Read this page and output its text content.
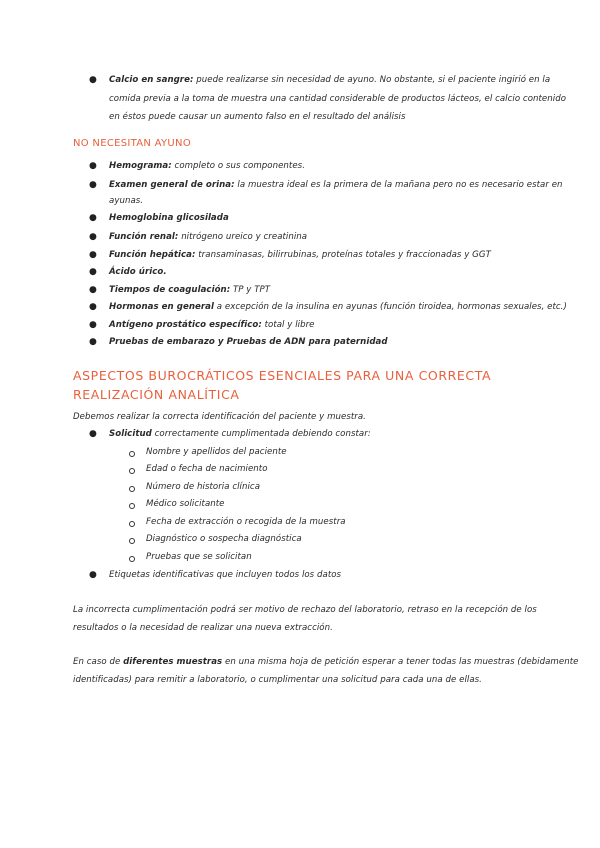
● Calcio en sangre: puede realizarse sin necesidad de ayuno. No obstante, si el paciente ingirió en la
comida previa a la toma de muestra una cantidad considerable de productos lácteos, el calcio contenido
en éstos puede causar un aumento falso en el resultado del análisis
NO NECESITAN AYUNO
● Hemograma: completo o sus componentes.
● Examen general de orina: la muestra ideal es la primera de la mañana pero no es necesario estar en
ayunas.
● Hemoglobina glicosilada
● Función renal: nitrógeno ureico y creatinina
● Función hepática: transaminasas, bilirrubinas, proteínas totales y fraccionadas y GGT
● Ácido úrico.
● Tiempos de coagulación: TP y TPT
● Hormonas en general a excepción de la insulina en ayunas (función tiroidea, hormonas sexuales, etc.)
● Antígeno prostático específico: total y libre
● Pruebas de embarazo y Pruebas de ADN para paternidad
ASPECTOS BUROCRÁTICOS ESENCIALES PARA UNA CORRECTA
REALIZACIÓN ANALÍTICA
Debemos realizar la correcta identificación del paciente y muestra.
● Solicitud correctamente cumplimentada debiendo constar:
Nombre y apellidos del paciente
Edad o fecha de nacimiento
Número de historia clínica
Médico solicitante
Fecha de extracción o recogida de la muestra
Diagnóstico o sospecha diagnóstica
Pruebas que se solicitan
● Etiquetas identificativas que incluyen todos los datos
La incorrecta cumplimentación podrá ser motivo de rechazo del laboratorio, retraso en la recepción de los
resultados o la necesidad de realizar una nueva extracción.
En caso de diferentes muestras en una misma hoja de petición esperar a tener todas las muestras (debidamente
identificadas) para remitir a laboratorio, o cumplimentar una solicitud para cada una de ellas.
